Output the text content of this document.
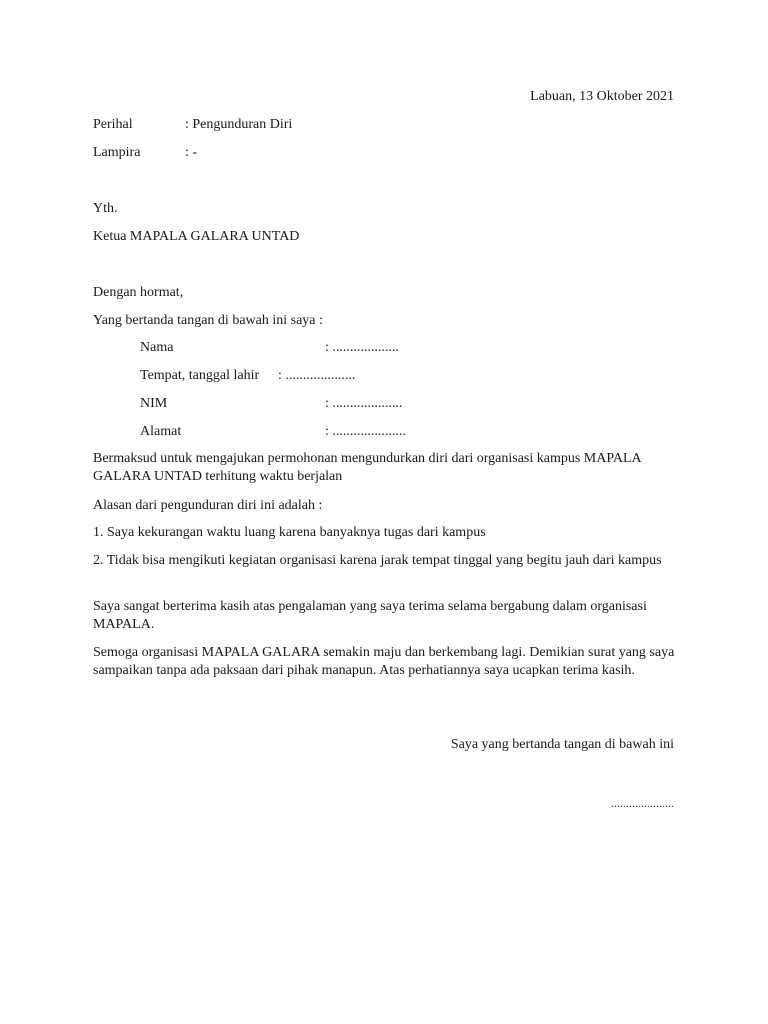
Labuan, 13 Oktober 2021
Perihal	: Pengunduran Diri
Lampira	: -
Yth.
Ketua MAPALA GALARA UNTAD
Dengan hormat,
Yang bertanda tangan di bawah ini saya :
Nama	: ...................
Tempat, tanggal lahir : ....................
NIM	: ....................
Alamat	: .....................
Bermaksud untuk mengajukan permohonan mengundurkan diri dari organisasi kampus MAPALA GALARA UNTAD terhitung waktu berjalan
Alasan dari pengunduran diri ini adalah :
1. Saya kekurangan waktu luang karena banyaknya tugas dari kampus
2. Tidak bisa mengikuti kegiatan organisasi karena jarak tempat tinggal yang begitu jauh dari kampus
Saya sangat berterima kasih atas pengalaman yang saya terima selama bergabung dalam organisasi MAPALA.
Semoga organisasi MAPALA GALARA semakin maju dan berkembang lagi. Demikian surat yang saya sampaikan tanpa ada paksaan dari pihak manapun. Atas perhatiannya saya ucapkan terima kasih.
Saya yang bertanda tangan di bawah ini
.....................
